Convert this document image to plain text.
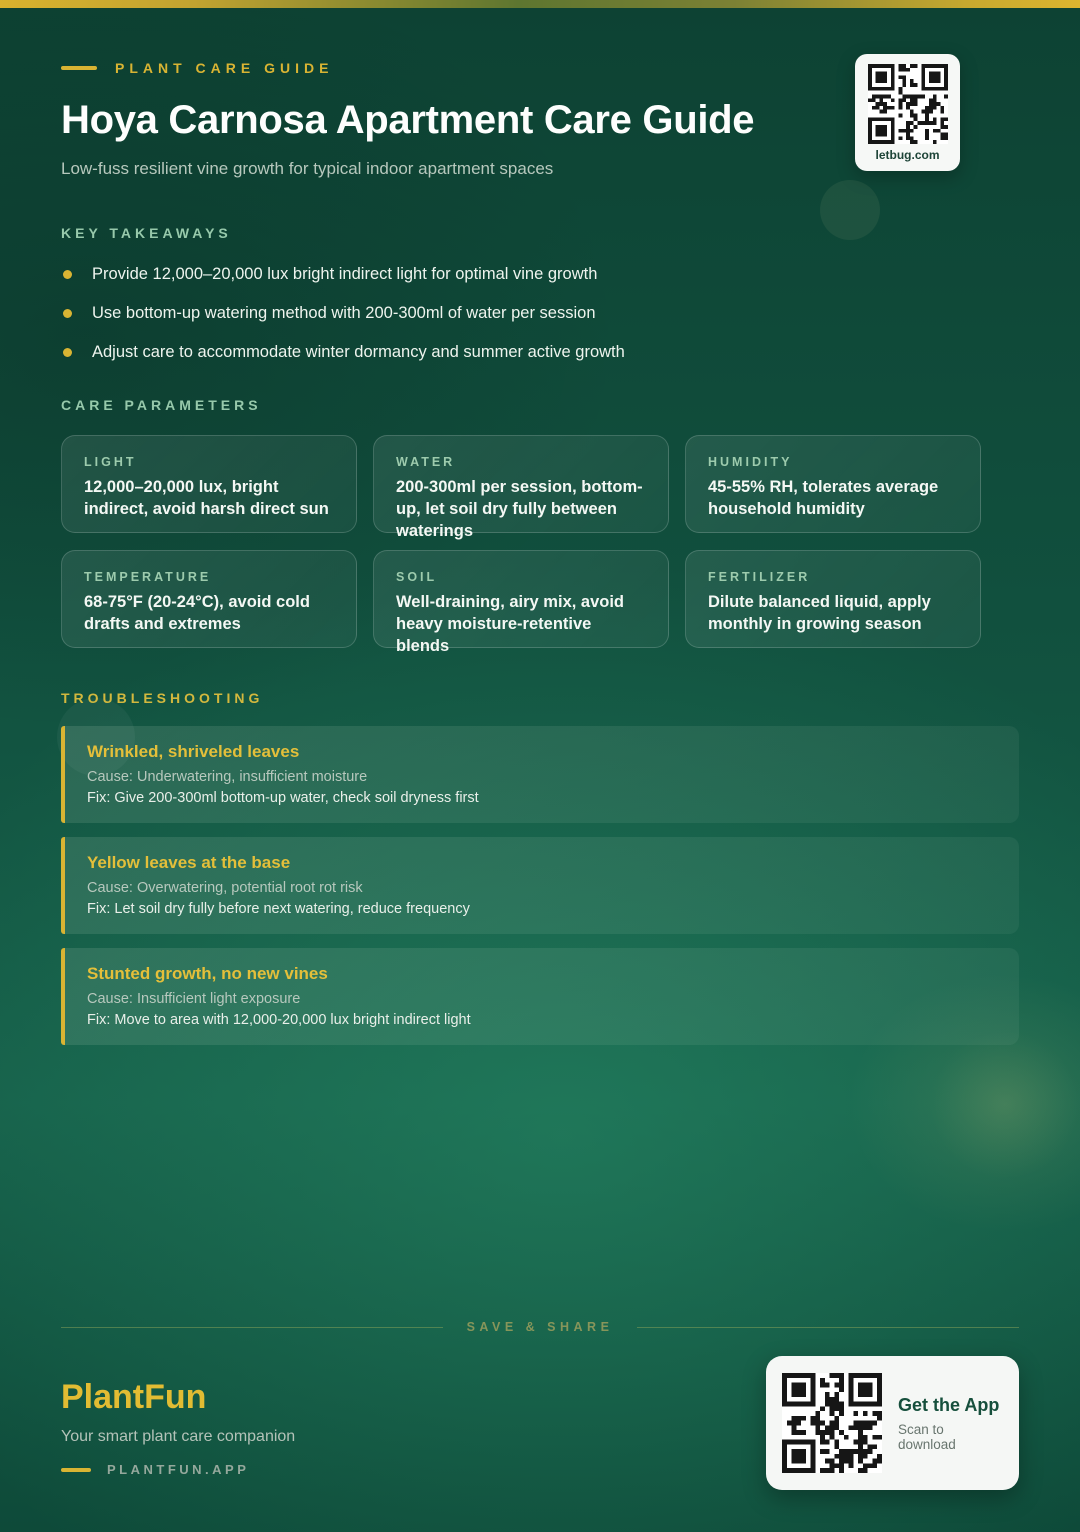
letbug.com
PLANT CARE GUIDE
Hoya Carnosa Apartment Care Guide
Low-fuss resilient vine growth for typical indoor apartment spaces
KEY TAKEAWAYS
Provide 12,000–20,000 lux bright indirect light for optimal vine growth
Use bottom-up watering method with 200-300ml of water per session
Adjust care to accommodate winter dormancy and summer active growth
CARE PARAMETERS
LIGHT
12,000–20,000 lux, bright indirect, avoid harsh direct sun
WATER
200-300ml per session, bottom-up, let soil dry fully between waterings
HUMIDITY
45-55% RH, tolerates average household humidity
TEMPERATURE
68-75°F (20-24°C), avoid cold drafts and extremes
SOIL
Well-draining, airy mix, avoid heavy moisture-retentive blends
FERTILIZER
Dilute balanced liquid, apply monthly in growing season
TROUBLESHOOTING
Wrinkled, shriveled leaves
Cause: Underwatering, insufficient moisture
Fix: Give 200-300ml bottom-up water, check soil dryness first
Yellow leaves at the base
Cause: Overwatering, potential root rot risk
Fix: Let soil dry fully before next watering, reduce frequency
Stunted growth, no new vines
Cause: Insufficient light exposure
Fix: Move to area with 12,000-20,000 lux bright indirect light
SAVE & SHARE
PlantFun
Your smart plant care companion
PLANTFUN.APP
Get the App
Scan to download
